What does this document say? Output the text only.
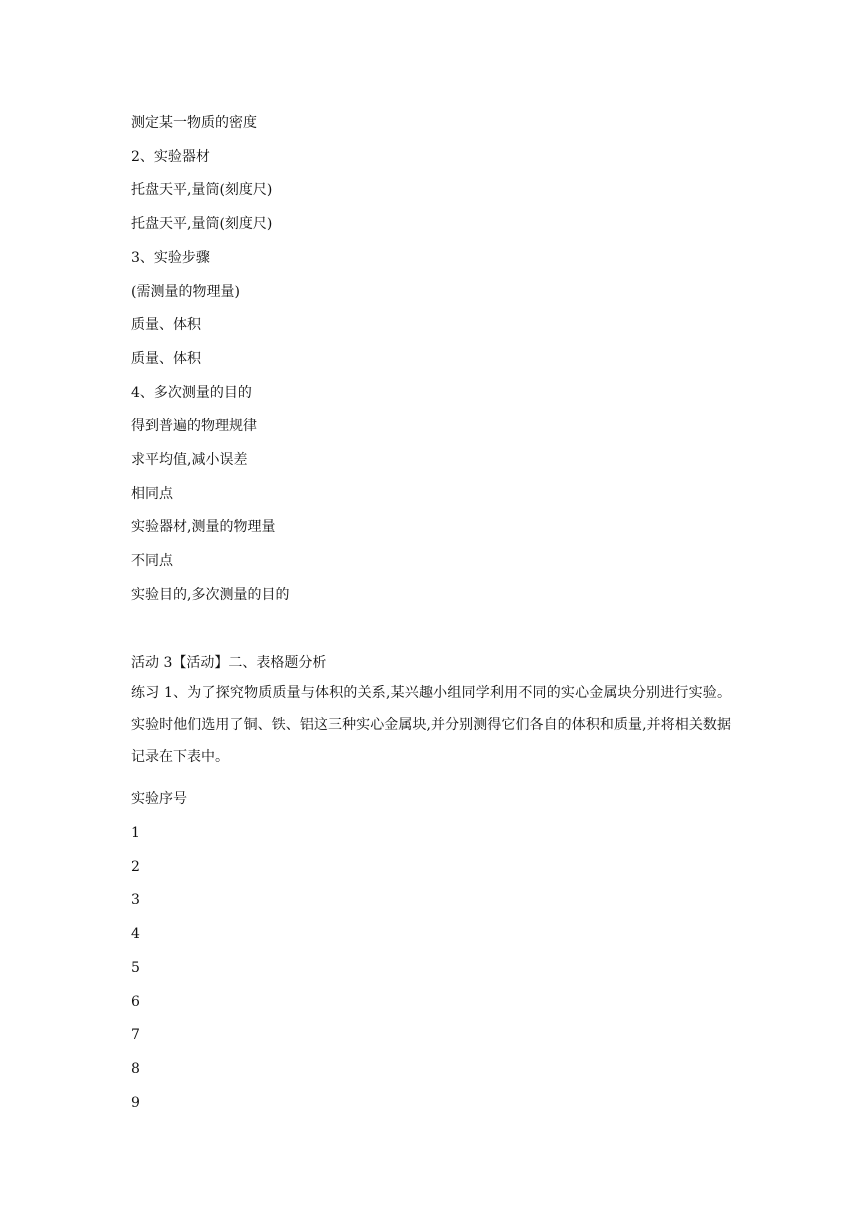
测定某一物质的密度
2、实验器材
托盘天平,量筒(刻度尺)
托盘天平,量筒(刻度尺)
3、实验步骤
(需测量的物理量)
质量、体积
质量、体积
4、多次测量的目的
得到普遍的物理规律
求平均值,减小误差
相同点
实验器材,测量的物理量
不同点
实验目的,多次测量的目的
活动 3【活动】二、表格题分析
练习 1、为了探究物质质量与体积的关系,某兴趣小组同学利用不同的实心金属块分别进行实验。实验时他们选用了铜、铁、铝这三种实心金属块,并分别测得它们各自的体积和质量,并将相关数据记录在下表中。
实验序号
1
2
3
4
5
6
7
8
9
